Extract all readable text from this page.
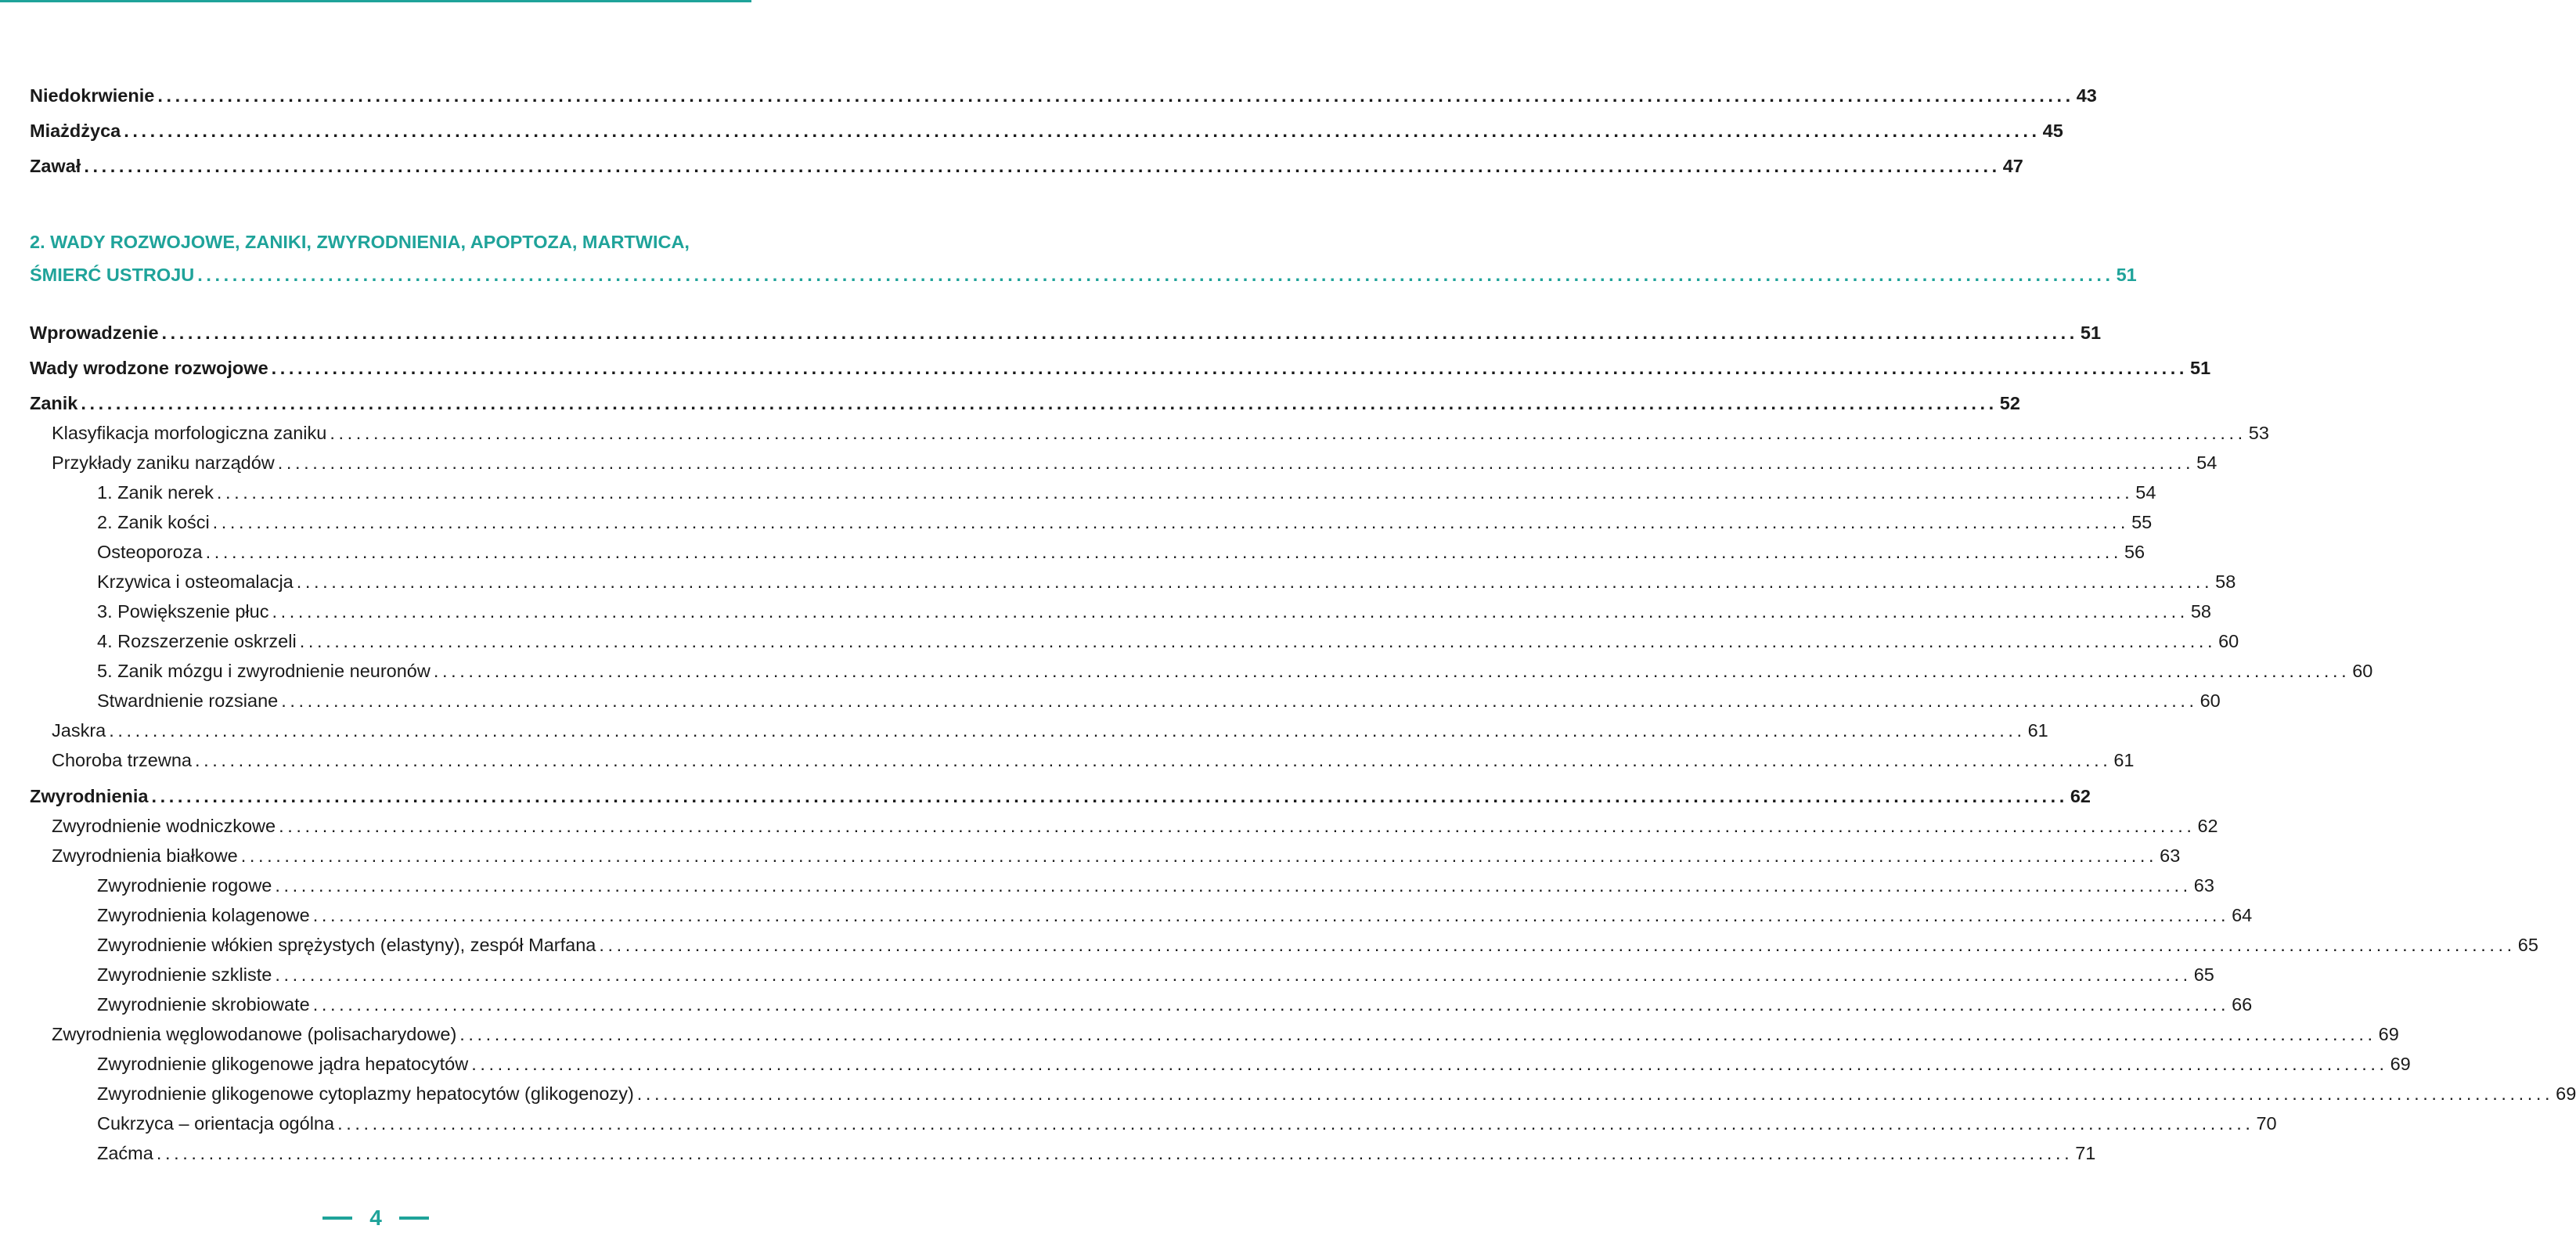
2. WADY ROZWOJOWE, ZANIKI, ZWYRODNIENIA, APOPTOZA, MARTWICA,
Niedokrwienie ............................................................................................................................................................................................................................ 43
Miażdżyca ............................................................................................................................................................................................................................ 45
Zawał ............................................................................................................................................................................................................................ 47
ŚMIERĆ USTROJU ............................................................................................................................................................................................................................ 51
Wprowadzenie ............................................................................................................................................................................................................................ 51
Wady wrodzone rozwojowe ............................................................................................................................................................................................................................ 51
Zanik ............................................................................................................................................................................................................................ 52
Klasyfikacja morfologiczna zaniku ............................................................................................................................................................................................................................ 53
Przykłady zaniku narządów ............................................................................................................................................................................................................................ 54
1. Zanik nerek ............................................................................................................................................................................................................................ 54
2. Zanik kości ............................................................................................................................................................................................................................ 55
Osteoporoza ............................................................................................................................................................................................................................ 56
Krzywica i osteomalacja ............................................................................................................................................................................................................................ 58
3. Powiększenie płuc ............................................................................................................................................................................................................................ 58
4. Rozszerzenie oskrzeli ............................................................................................................................................................................................................................ 60
5. Zanik mózgu i zwyrodnienie neuronów ............................................................................................................................................................................................................................ 60
Stwardnienie rozsiane ............................................................................................................................................................................................................................ 60
Jaskra ............................................................................................................................................................................................................................ 61
Choroba trzewna ............................................................................................................................................................................................................................ 61
Zwyrodnienia ............................................................................................................................................................................................................................ 62
Zwyrodnienie wodniczkowe ............................................................................................................................................................................................................................ 62
Zwyrodnienia białkowe ............................................................................................................................................................................................................................ 63
Zwyrodnienie rogowe ............................................................................................................................................................................................................................ 63
Zwyrodnienia kolagenowe ............................................................................................................................................................................................................................ 64
Zwyrodnienie włókien sprężystych (elastyny), zespół Marfana ............................................................................................................................................................................................................................ 65
Zwyrodnienie szkliste ............................................................................................................................................................................................................................ 65
Zwyrodnienie skrobiowate ............................................................................................................................................................................................................................ 66
Zwyrodnienia węglowodanowe (polisacharydowe) ............................................................................................................................................................................................................................ 69
Zwyrodnienie glikogenowe jądra hepatocytów ............................................................................................................................................................................................................................ 69
Zwyrodnienie glikogenowe cytoplazmy hepatocytów (glikogenozy) ............................................................................................................................................................................................................................ 69
Cukrzyca – orientacja ogólna ............................................................................................................................................................................................................................ 70
Zaćma ............................................................................................................................................................................................................................ 71
4
